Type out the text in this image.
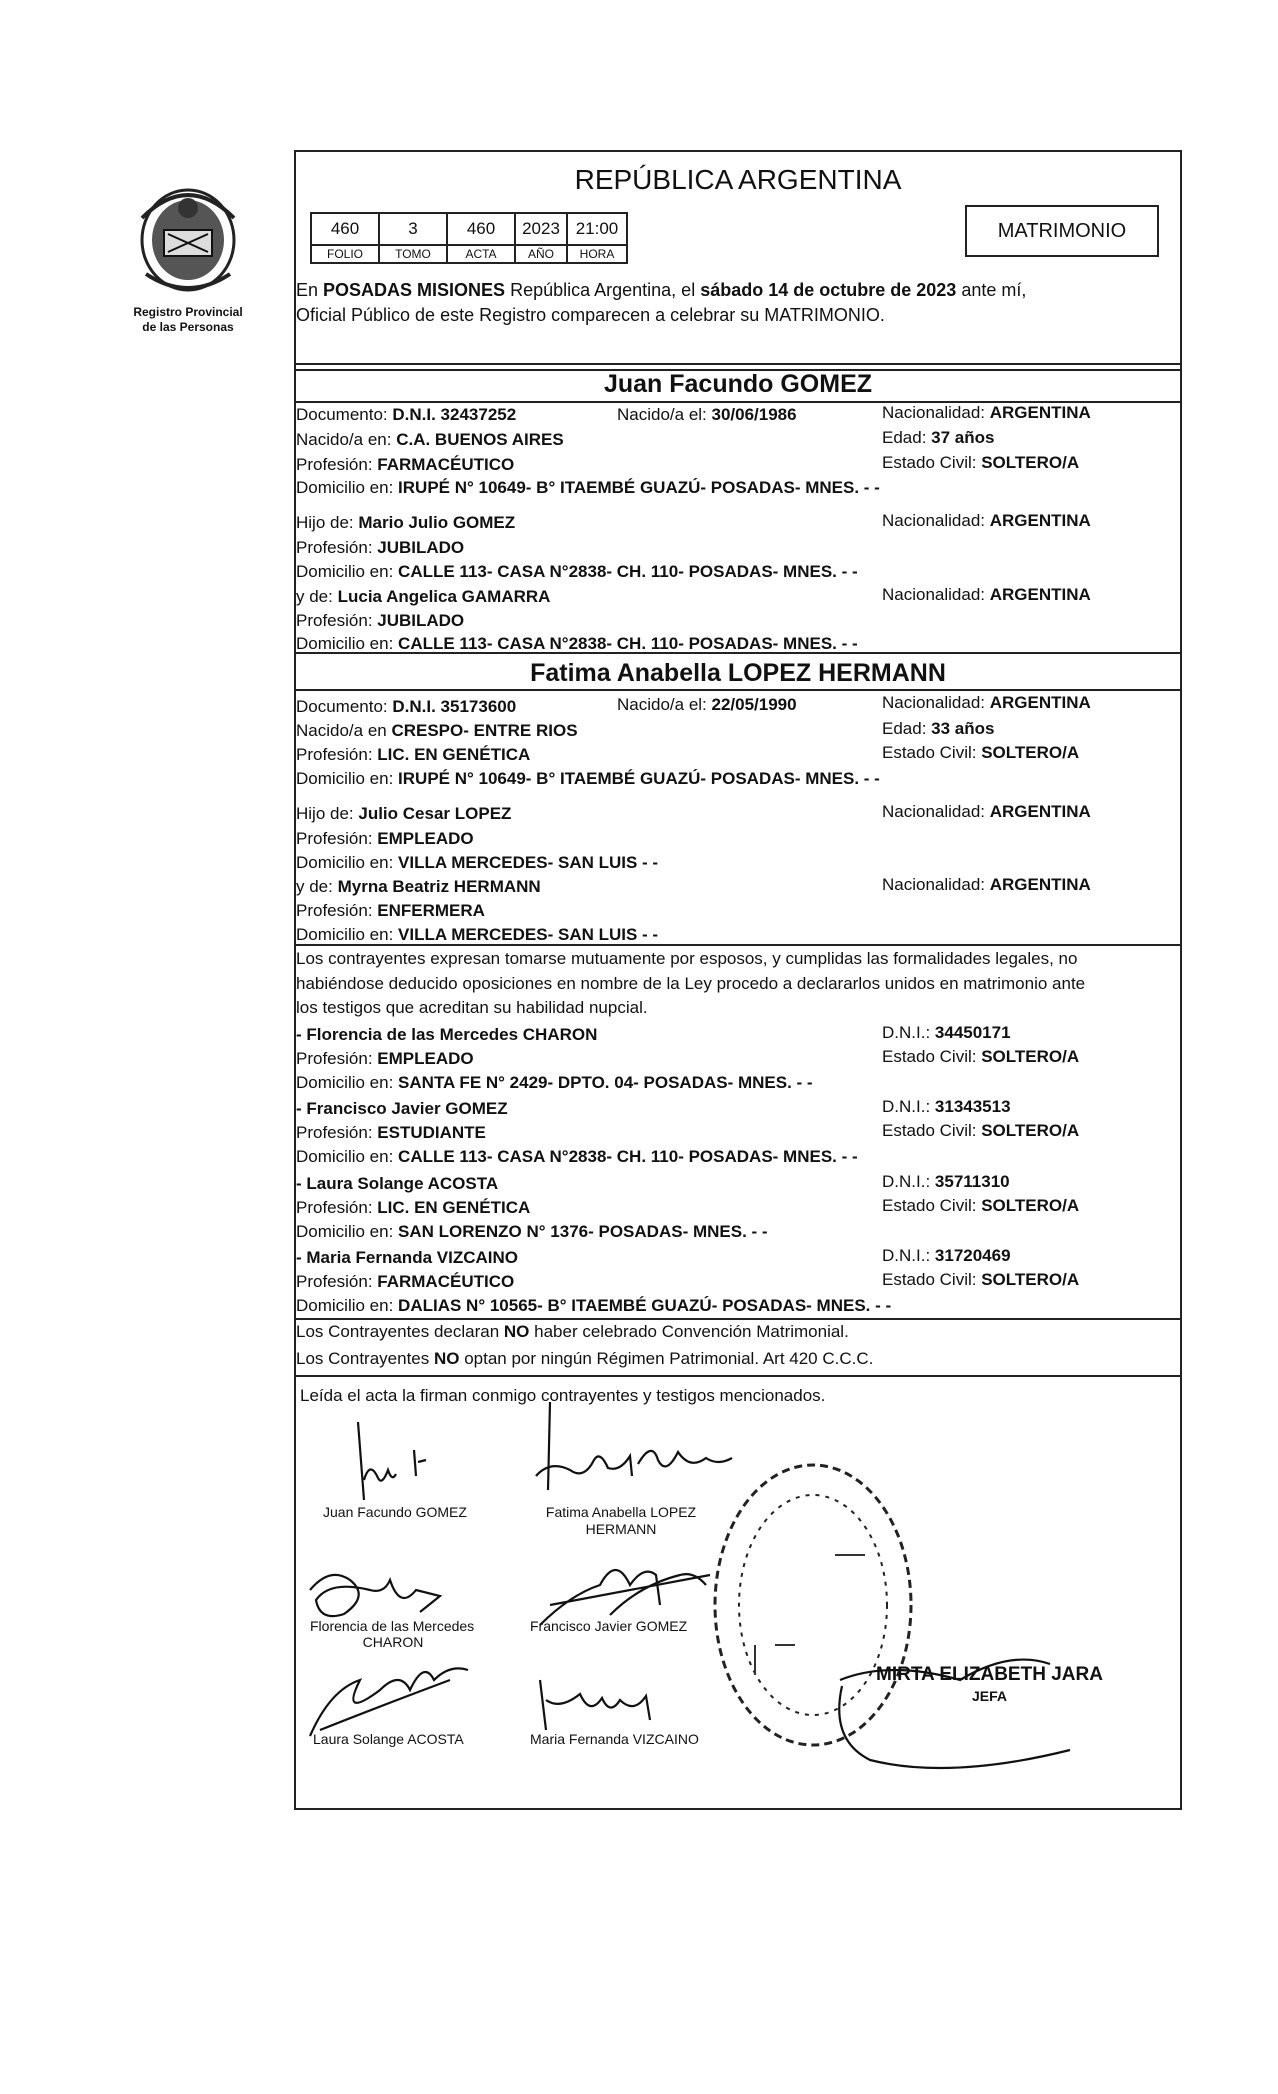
Registro Provincial
de las Personas
REPÚBLICA ARGENTINA
460	3	460	2023	21:00
FOLIO	TOMO	ACTA	AÑO	HORA
MATRIMONIO
En POSADAS MISIONES República Argentina, el sábado 14 de octubre de 2023 ante mí,
Oficial Público de este Registro comparecen a celebrar su MATRIMONIO.
Juan Facundo GOMEZ
Documento: D.N.I. 32437252	Nacido/a el: 30/06/1986	Nacionalidad: ARGENTINA
Nacido/a en: C.A. BUENOS AIRES	Edad: 37 años
Profesión: FARMACÉUTICO	Estado Civil: SOLTERO/A
Domicilio en: IRUPÉ N° 10649- B° ITAEMBÉ GUAZÚ- POSADAS- MNES. - -
Hijo de: Mario Julio GOMEZ	Nacionalidad: ARGENTINA
Profesión: JUBILADO
Domicilio en: CALLE 113- CASA N°2838- CH. 110- POSADAS- MNES. - -
y de: Lucia Angelica GAMARRA	Nacionalidad: ARGENTINA
Profesión: JUBILADO
Domicilio en: CALLE 113- CASA N°2838- CH. 110- POSADAS- MNES. - -
Fatima Anabella LOPEZ HERMANN
Documento: D.N.I. 35173600	Nacido/a el: 22/05/1990	Nacionalidad: ARGENTINA
Nacido/a en CRESPO- ENTRE RIOS	Edad: 33 años
Profesión: LIC. EN GENÉTICA	Estado Civil: SOLTERO/A
Domicilio en: IRUPÉ N° 10649- B° ITAEMBÉ GUAZÚ- POSADAS- MNES. - -
Hijo de: Julio Cesar LOPEZ	Nacionalidad: ARGENTINA
Profesión: EMPLEADO
Domicilio en: VILLA MERCEDES- SAN LUIS - -
y de: Myrna Beatriz HERMANN	Nacionalidad: ARGENTINA
Profesión: ENFERMERA
Domicilio en: VILLA MERCEDES- SAN LUIS - -
Los contrayentes expresan tomarse mutuamente por esposos, y cumplidas las formalidades legales, no
habiéndose deducido oposiciones en nombre de la Ley procedo a declararlos unidos en matrimonio ante
los testigos que acreditan su habilidad nupcial.
- Florencia de las Mercedes CHARON	D.N.I.: 34450171
Profesión: EMPLEADO	Estado Civil: SOLTERO/A
Domicilio en: SANTA FE N° 2429- DPTO. 04- POSADAS- MNES. - -
- Francisco Javier GOMEZ	D.N.I.: 31343513
Profesión: ESTUDIANTE	Estado Civil: SOLTERO/A
Domicilio en: CALLE 113- CASA N°2838- CH. 110- POSADAS- MNES. - -
- Laura Solange ACOSTA	D.N.I.: 35711310
Profesión: LIC. EN GENÉTICA	Estado Civil: SOLTERO/A
Domicilio en: SAN LORENZO N° 1376- POSADAS- MNES. - -
- Maria Fernanda VIZCAINO	D.N.I.: 31720469
Profesión: FARMACÉUTICO	Estado Civil: SOLTERO/A
Domicilio en: DALIAS N° 10565- B° ITAEMBÉ GUAZÚ- POSADAS- MNES. - -
Los Contrayentes declaran NO haber celebrado Convención Matrimonial.
Los Contrayentes NO optan por ningún Régimen Patrimonial. Art 420 C.C.C.
Leída el acta la firman conmigo contrayentes y testigos mencionados.
Juan Facundo GOMEZ	Fatima Anabella LOPEZ
HERMANN
Florencia de las Mercedes
CHARON
Francisco Javier GOMEZ
Laura Solange ACOSTA	Maria Fernanda VIZCAINO
MIRTA ELIZABETH JARA
JEFA
